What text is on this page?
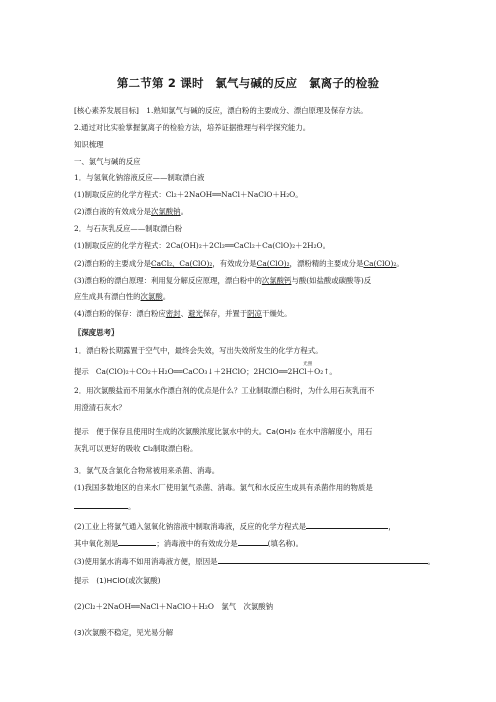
第二节第 2 课时　氯气与碱的反应　氯离子的检验
[核心素养发展目标]　1.熟知氯气与碱的反应，漂白粉的主要成分、漂白原理及保存方法。
2.通过对比实验掌握氯离子的检验方法，培养证据推理与科学探究能力。
知识梳理
一、氯气与碱的反应
1．与氢氧化钠溶液反应——制取漂白液
(1)制取反应的化学方程式：Cl₂＋2NaOH══NaCl＋NaClO＋H₂O。
(2)漂白液的有效成分是次氯酸钠。
2．与石灰乳反应——制取漂白粉
(1)制取反应的化学方程式：2Ca(OH)₂＋2Cl₂══CaCl₂＋Ca(ClO)₂＋2H₂O。
(2)漂白粉的主要成分是CaCl₂、Ca(ClO)₂，有效成分是Ca(ClO)₂，漂粉精的主要成分是Ca(ClO)₂。
(3)漂白粉的漂白原理：利用复分解反应原理，漂白粉中的次氯酸钙与酸(如盐酸或碳酸等)反
应生成具有漂白性的次氯酸。
(4)漂白粉的保存：漂白粉应密封、避光保存，并置于阴凉干燥处。
〖深度思考〗
1．漂白粉长期露置于空气中，最终会失效，写出失效所发生的化学方程式。
提示 Ca(ClO)₂＋CO₂＋H₂O══CaCO₃↓＋2HClO；2HClO
光照
══2HCl＋O₂↑。
2．用次氯酸盐而不用氯水作漂白剂的优点是什么？工业制取漂白粉时，为什么用石灰乳而不
用澄清石灰水？
提示　便于保存且使用时生成的次氯酸浓度比氯水中的大。Ca(OH)₂ 在水中溶解度小，用石
灰乳可以更好的吸收 Cl₂制取漂白粉。
3．氯气及含氯化合物常被用来杀菌、消毒。
(1)我国多数地区的自来水厂使用氯气杀菌、消毒。氯气和水反应生成具有杀菌作用的物质是
。
(2)工业上将氯气通入氢氧化钠溶液中制取消毒液，反应的化学方程式是	，
其中氧化剂是	；消毒液中的有效成分是	(填名称)。
(3)使用氯水消毒不如用消毒液方便，原因是	。
提示　(1)HClO(或次氯酸)
(2)Cl₂＋2NaOH══NaCl＋NaClO＋H₂O　氯气　次氯酸钠
(3)次氯酸不稳定，见光易分解
